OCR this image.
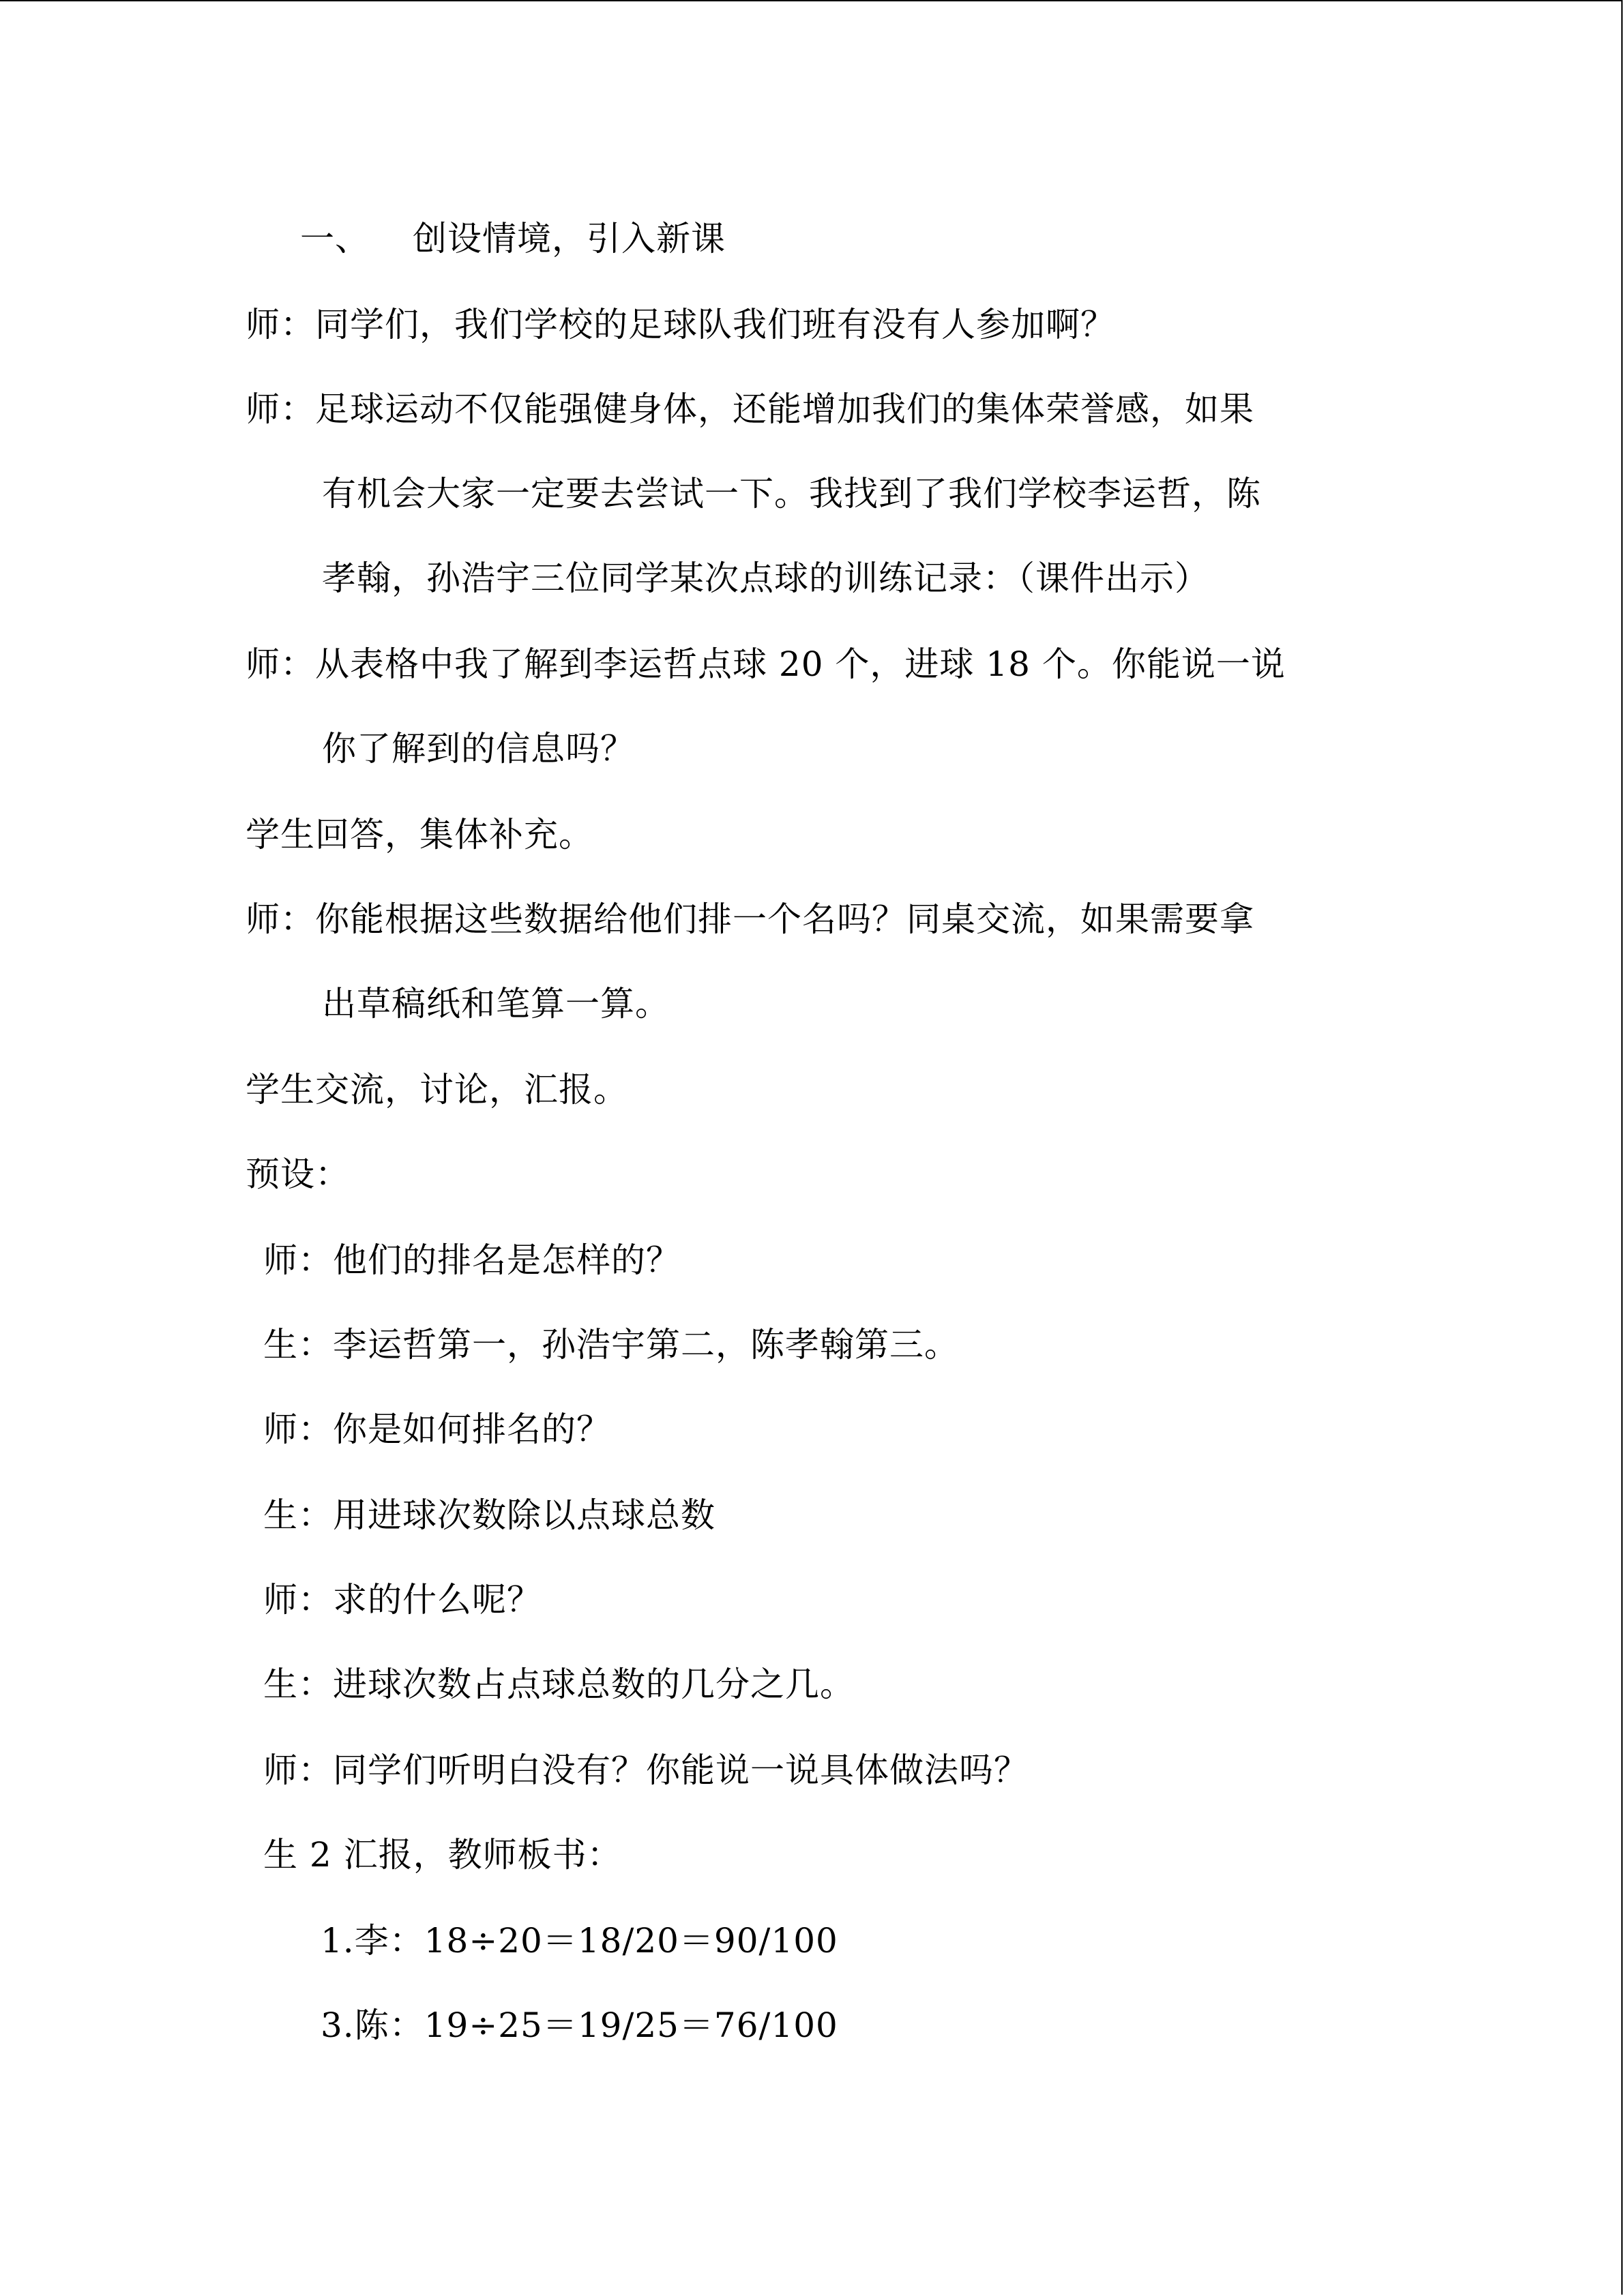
一、 创设情境，引入新课
师：同学们，我们学校的足球队我们班有没有人参加啊？
师：足球运动不仅能强健身体，还能增加我们的集体荣誉感，如果
有机会大家一定要去尝试一下。我找到了我们学校李运哲，陈
孝翰，孙浩宇三位同学某次点球的训练记录：（课件出示）
师：从表格中我了解到李运哲点球 20 个，进球 18 个。你能说一说
你了解到的信息吗？
学生回答，集体补充。
师：你能根据这些数据给他们排一个名吗？同桌交流，如果需要拿
出草稿纸和笔算一算。
学生交流，讨论，汇报。
预设：
师：他们的排名是怎样的？
生：李运哲第一，孙浩宇第二，陈孝翰第三。
师：你是如何排名的？
生：用进球次数除以点球总数
师：求的什么呢？
生：进球次数占点球总数的几分之几。
师：同学们听明白没有？你能说一说具体做法吗？
生 2 汇报，教师板书：
1.李：18÷20＝18/20＝90/100
3.陈：19÷25＝19/25＝76/100
